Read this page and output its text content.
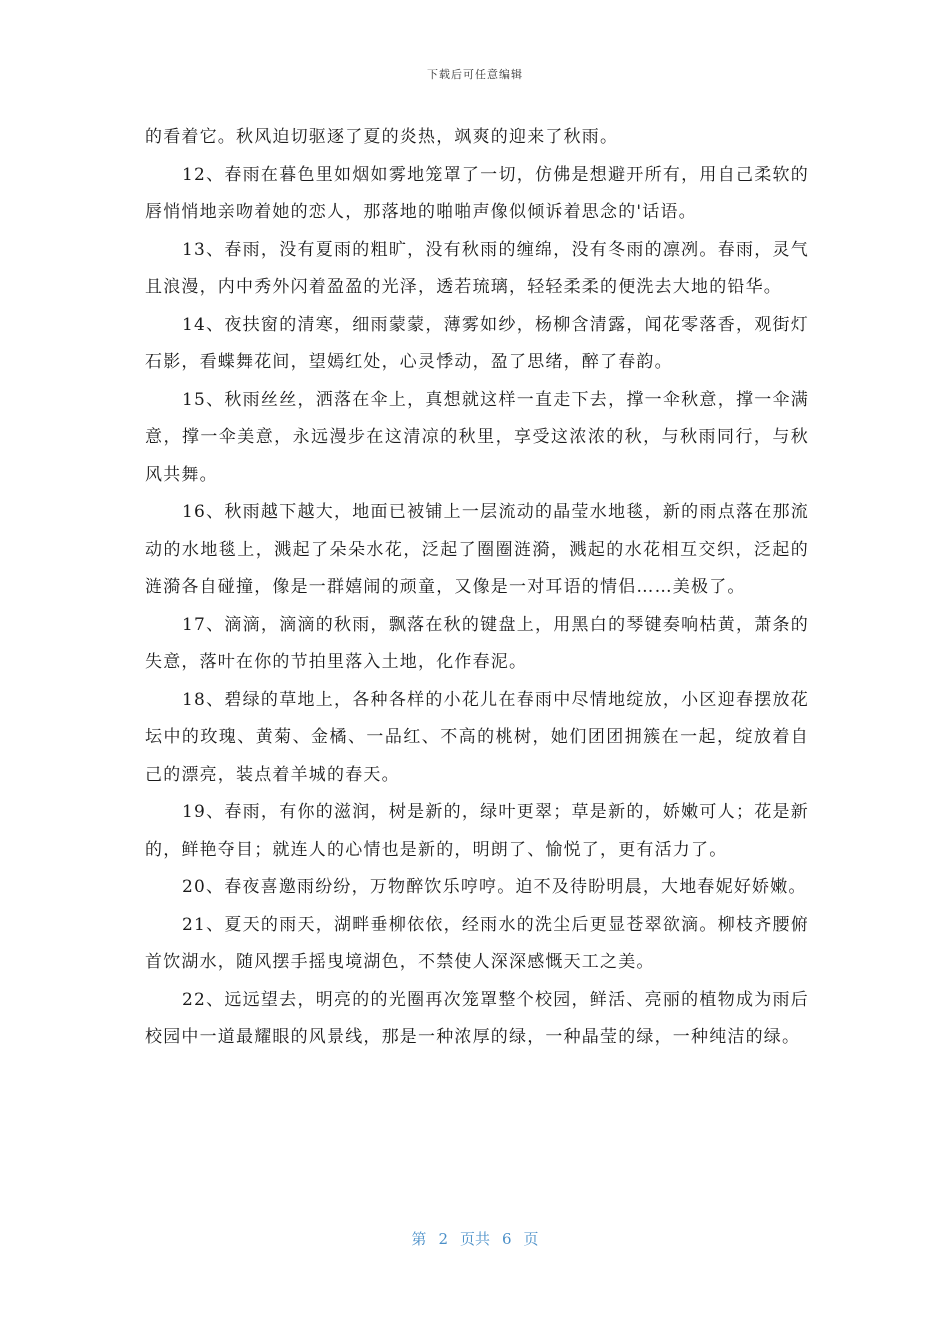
下载后可任意编辑

的看着它。秋风迫切驱逐了夏的炎热，飒爽的迎来了秋雨。

12、春雨在暮色里如烟如雾地笼罩了一切，仿佛是想避开所有，用自己柔软的唇悄悄地亲吻着她的恋人，那落地的啪啪声像似倾诉着思念的'话语。

13、春雨，没有夏雨的粗旷，没有秋雨的缠绵，没有冬雨的凛冽。春雨，灵气且浪漫，内中秀外闪着盈盈的光泽，透若琉璃，轻轻柔柔的便洗去大地的铅华。

14、夜扶窗的清寒，细雨蒙蒙，薄雾如纱，杨柳含清露，闻花零落香，观街灯石影，看蝶舞花间，望嫣红处，心灵悸动，盈了思绪，醉了春韵。

15、秋雨丝丝，洒落在伞上，真想就这样一直走下去，撑一伞秋意，撑一伞满意，撑一伞美意，永远漫步在这清凉的秋里，享受这浓浓的秋，与秋雨同行，与秋风共舞。

16、秋雨越下越大，地面已被铺上一层流动的晶莹水地毯，新的雨点落在那流动的水地毯上，溅起了朵朵水花，泛起了圈圈涟漪，溅起的水花相互交织，泛起的涟漪各自碰撞，像是一群嬉闹的顽童，又像是一对耳语的情侣……美极了。

17、滴滴，滴滴的秋雨，飘落在秋的键盘上，用黑白的琴键奏响枯黄，萧条的失意，落叶在你的节拍里落入土地，化作春泥。

18、碧绿的草地上，各种各样的小花儿在春雨中尽情地绽放，小区迎春摆放花坛中的玫瑰、黄菊、金橘、一品红、不高的桃树，她们团团拥簇在一起，绽放着自己的漂亮，装点着羊城的春天。

19、春雨，有你的滋润，树是新的，绿叶更翠；草是新的，娇嫩可人；花是新的，鲜艳夺目；就连人的心情也是新的，明朗了、愉悦了，更有活力了。

20、春夜喜邀雨纷纷，万物醉饮乐哼哼。迫不及待盼明晨，大地春妮好娇嫩。

21、夏天的雨天，湖畔垂柳依依，经雨水的洗尘后更显苍翠欲滴。柳枝齐腰俯首饮湖水，随风摆手摇曳境湖色，不禁使人深深感慨天工之美。

22、远远望去，明亮的的光圈再次笼罩整个校园，鲜活、亮丽的植物成为雨后校园中一道最耀眼的风景线，那是一种浓厚的绿，一种晶莹的绿，一种纯洁的绿。

第 2 页共 6 页
